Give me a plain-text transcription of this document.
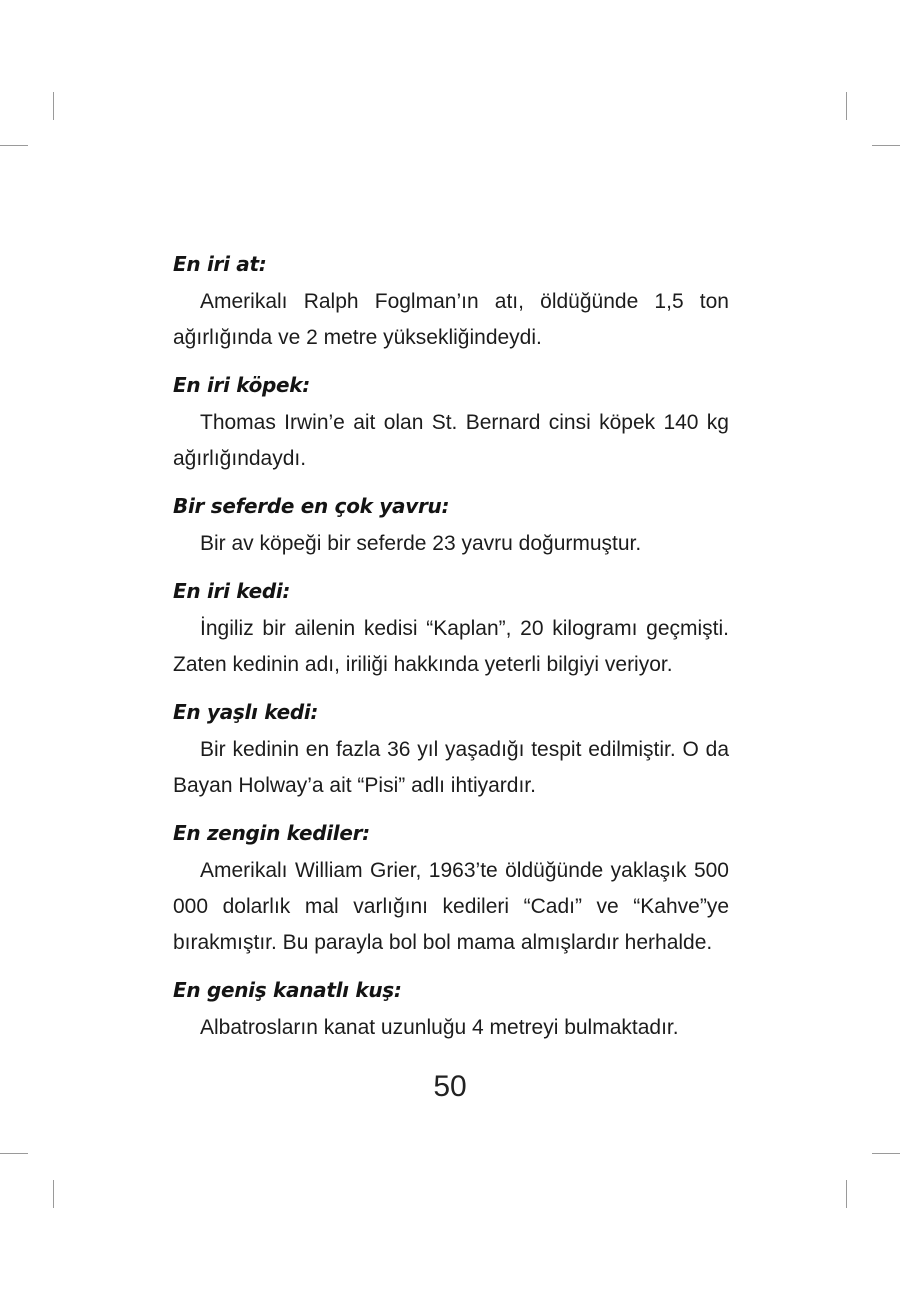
En iri at:

Amerikalı Ralph Foglman’ın atı, öldüğünde 1,5 ton ağırlığında ve 2 metre yüksekliğindeydi.

En iri köpek:

Thomas Irwin’e ait olan St. Bernard cinsi köpek 140 kg ağırlığındaydı.

Bir seferde en çok yavru:

Bir av köpeği bir seferde 23 yavru doğurmuştur.

En iri kedi:

İngiliz bir ailenin kedisi “Kaplan”, 20 kilogramı geçmişti. Zaten kedinin adı, iriliği hakkında yeterli bilgiyi veriyor.

En yaşlı kedi:

Bir kedinin en fazla 36 yıl yaşadığı tespit edilmiştir. O da Bayan Holway’a ait “Pisi” adlı ihtiyardır.

En zengin kediler:

Amerikalı William Grier, 1963’te öldüğünde yaklaşık 500 000 dolarlık mal varlığını kedileri “Cadı” ve “Kahve”ye bırakmıştır. Bu parayla bol bol mama almışlardır herhalde.

En geniş kanatlı kuş:

Albatrosların kanat uzunluğu 4 metreyi bulmaktadır.

50
